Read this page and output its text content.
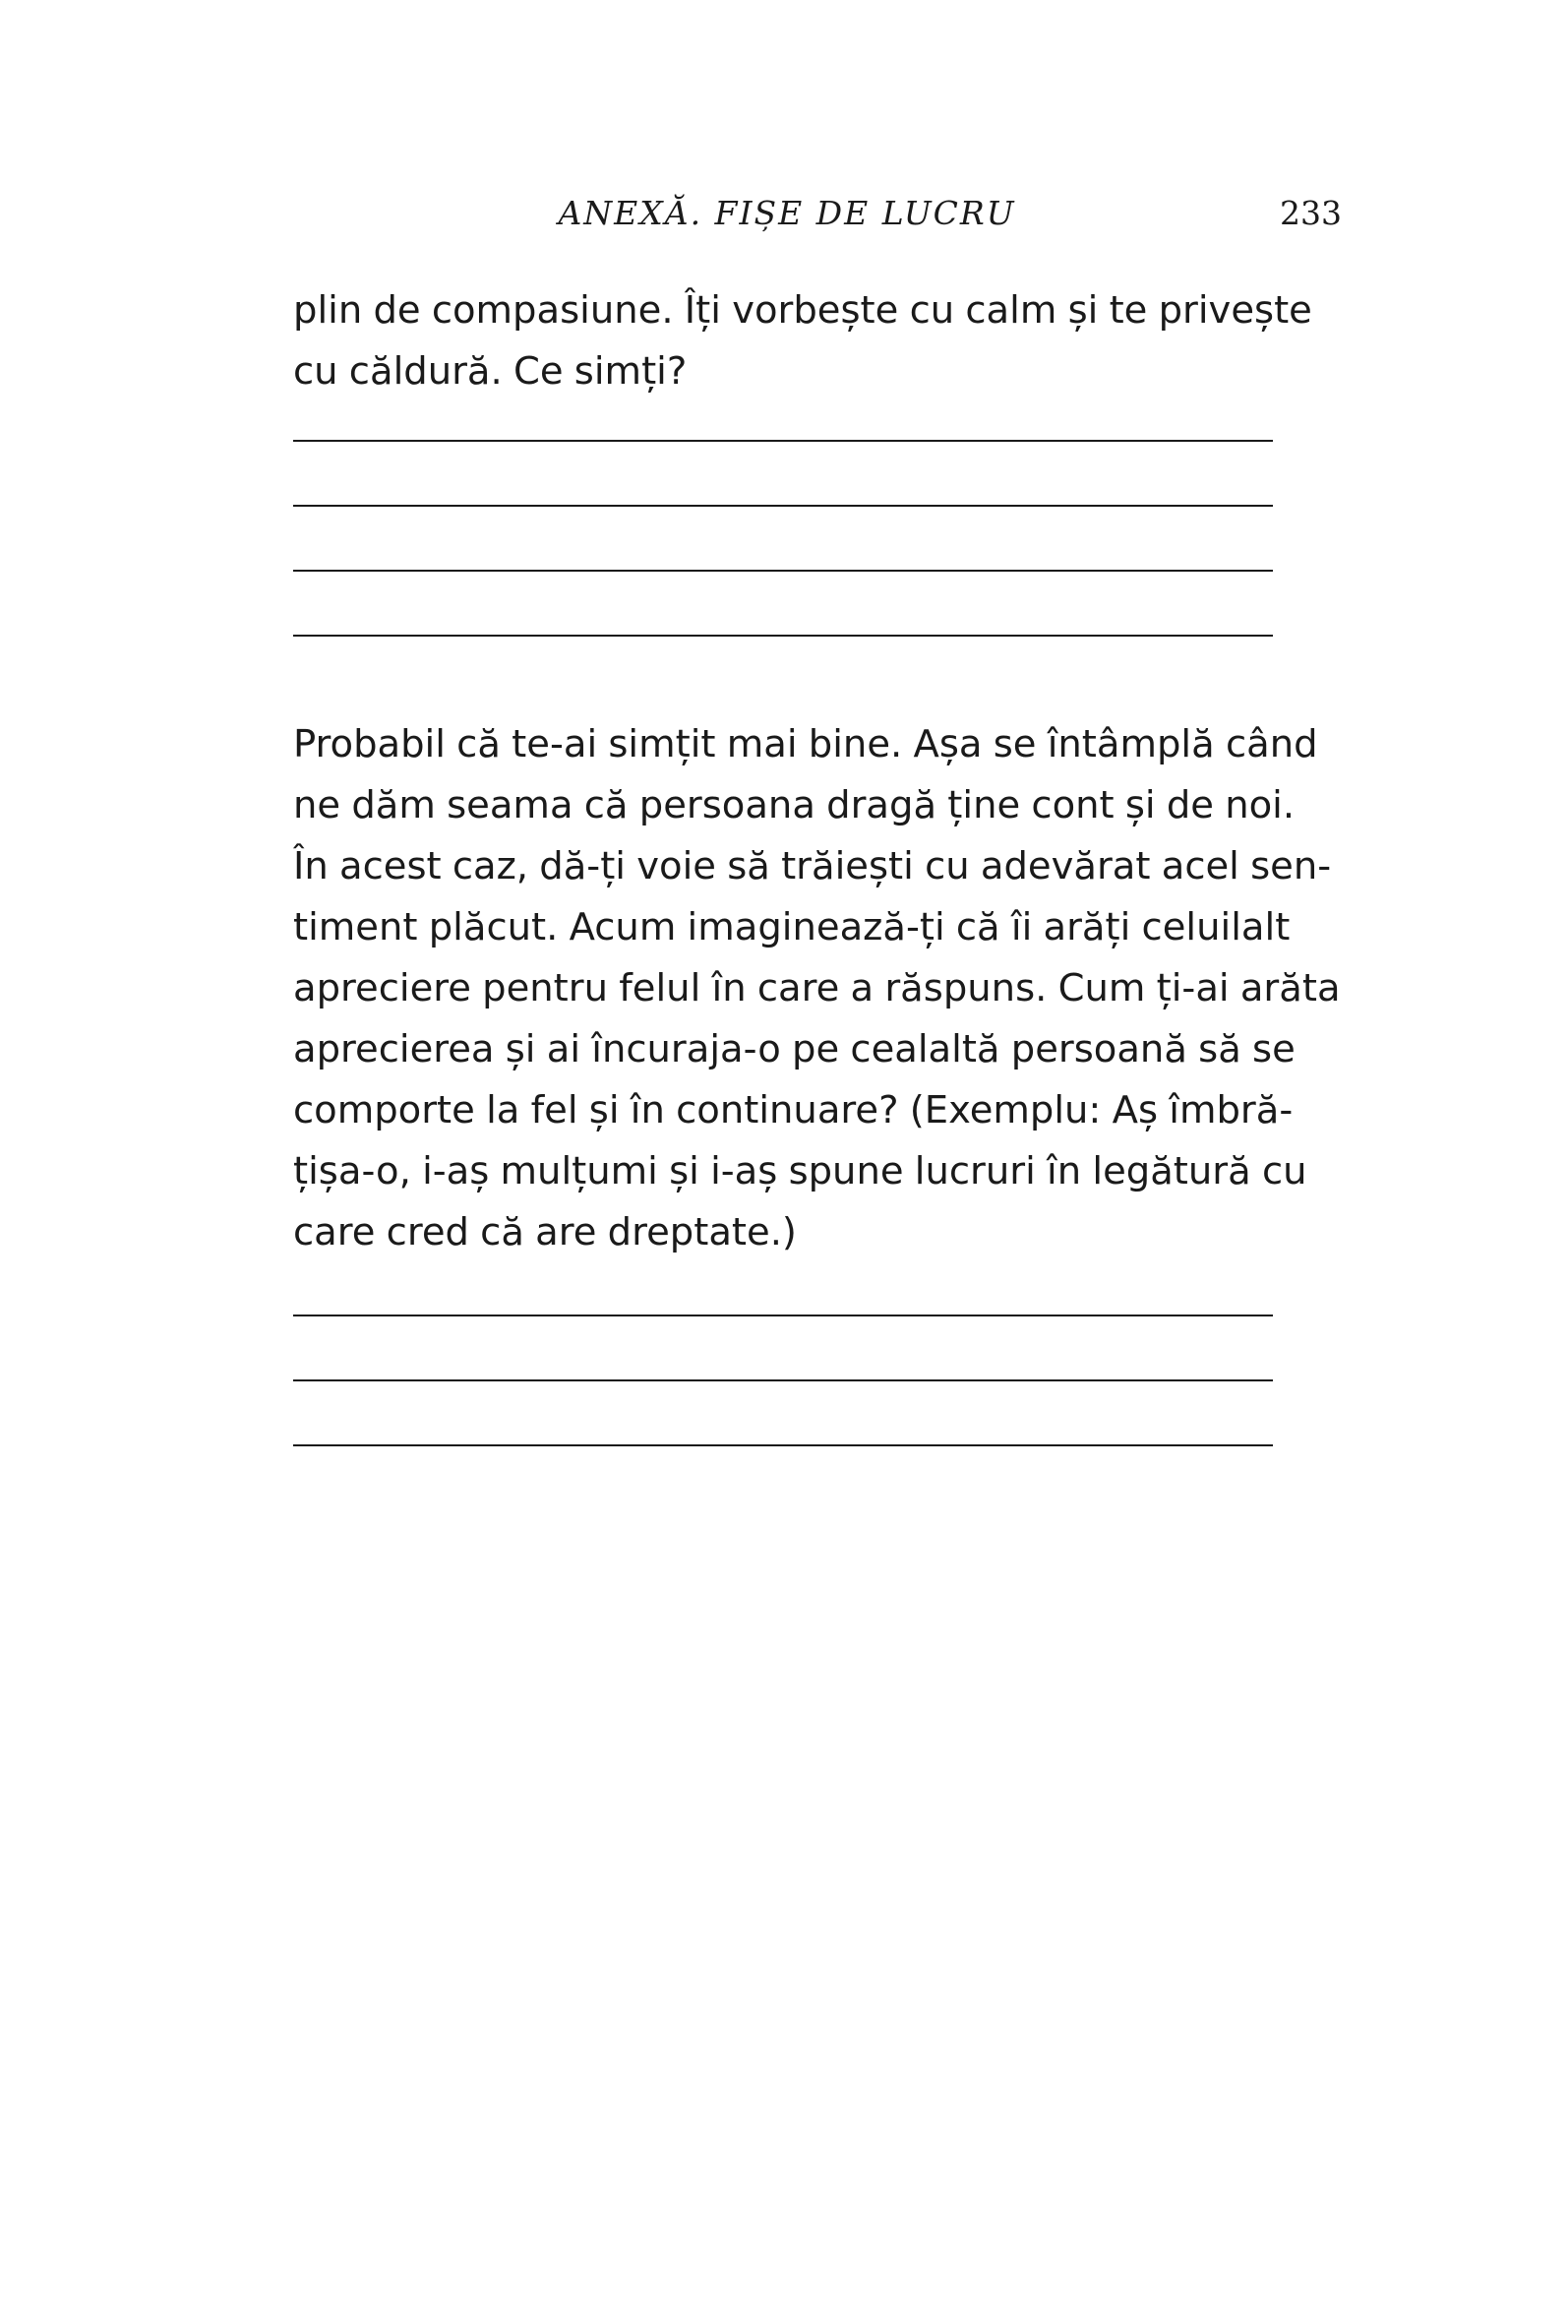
ANEXĂ. FIȘE DE LUCRU	233
plin de compasiune. Îți vorbește cu calm și te privește
cu căldură. Ce simți?
Probabil că te-ai simțit mai bine. Așa se întâmplă când
ne dăm seama că persoana dragă ține cont și de noi.
În acest caz, dă-ți voie să trăiești cu adevărat acel sen-
timent plăcut. Acum imaginează-ți că îi arăți celuilalt
apreciere pentru felul în care a răspuns. Cum ți-ai arăta
aprecierea și ai încuraja-o pe cealaltă persoană să se
comporte la fel și în continuare? (Exemplu: Aș îmbră-
țișa-o, i-aș mulțumi și i-aș spune lucruri în legătură cu
care cred că are dreptate.)
